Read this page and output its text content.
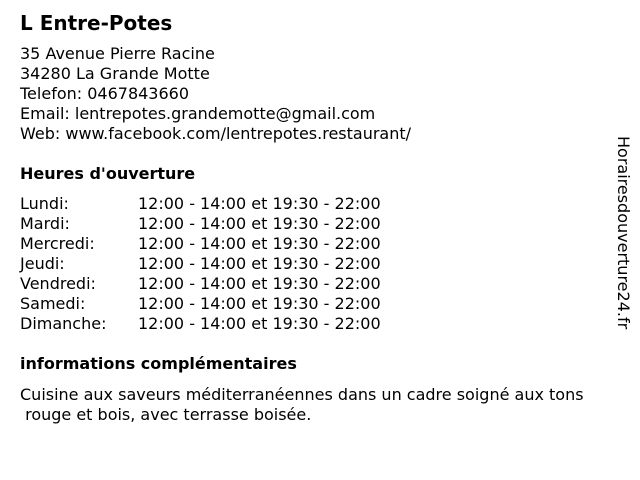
L Entre-Potes
35 Avenue Pierre Racine
34280 La Grande Motte
Telefon: 0467843660
Email: lentrepotes.grandemotte@gmail.com
Web: www.facebook.com/lentrepotes.restaurant/
Heures d'ouverture
Lundi:	12:00 - 14:00 et 19:30 - 22:00
Mardi:	12:00 - 14:00 et 19:30 - 22:00
Mercredi:	12:00 - 14:00 et 19:30 - 22:00
Jeudi:	12:00 - 14:00 et 19:30 - 22:00
Vendredi:	12:00 - 14:00 et 19:30 - 22:00
Samedi:	12:00 - 14:00 et 19:30 - 22:00
Dimanche:	12:00 - 14:00 et 19:30 - 22:00
informations complémentaires
Cuisine aux saveurs méditerranéennes dans un cadre soigné aux tons
rouge et bois, avec terrasse boisée.
Horairesdouverture24.fr
